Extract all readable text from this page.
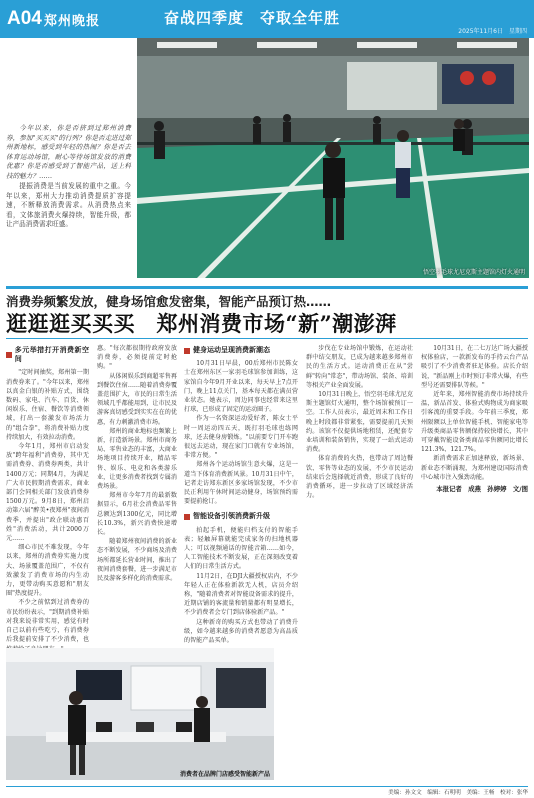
A04 郑州晚报	奋战四季度　夺取全年胜
2025年11月6日　星期四
悟空羽毛球尤尼克斯主题馆内灯火通明

今年以来，你是否挤到过郑州消费券，参加"买买买"的行列？你是否走进过郑州新地标，感受到年轻的热闹？你是否去体育运动场馆，耐心等待场馆发放的消费优惠？你是否感受到了智能产品，送上科技的魅力？……

提振消费是当前发展的重中之重。今年以来，郑州大力推动消费提质扩容提速，不断释放消费需求。从消费热点来看，文体旅消费火爆持续，智能升级，都让产品消费需求旺盛。

消费券频繁发放，健身场馆愈发密集，智能产品预订热……
逛逛逛买买买　郑州消费市场“新”潮澎湃
多元举措打开消费新空间

"定时间抽奖，郑州第一期消费券来了。"今年以来，郑州以真金白银的补贴方式，围绕数码、家电、汽车、百货、休闲娱乐、住宿、餐饮等消费领域，打出一套激发市场活力的"组合拳"，将消费补贴力度持续加大，有效拉动消费。

今年1月，郑州市启动发放"跨年福利"消费券，其中无需消费券、消费券两类，共计1400万元；同期4月，为满足广大市民假期消费需求，商业部门会同相关部门发放消费券1500万元。9月8日，郑州启动第六届"醉美•夜郑州"夜间消费季，并提出"政企联动惠百姓"消费活动，共计2000万元……

细心市民不难发现，今年以来，郑州的消费券实施力度大、场景覆盖范围广，不仅有效激发了消费市场的内生动力，更带动购买意愿和"朋友圈"热度提升。

不少之前惦到过消费券的市民纷纷表示，"到期消费补贴对我来说非常实用，感觉有时自己以前有些吃亏，有消费券后我提前安排了不少消费，也

惠。"每次都很期待政府发放消费券，必须提前定时抢购。"

从体闲娱乐到商超零售再到餐饮住宿……随着消费券覆盖范围扩大，市民的日常生活领域几乎都能用到，让市民及游客真切感受到实实在在的优惠，有力刺激消费市场。

郑州的商业地标也频繁上新，打造新场景。郑州市商务局、零售业态的丰富，大商业场地项目持续开业，精品零售、娱乐、电竞和各类游乐业，让更多消费者找到专属消费场景。

郑州市今年7月的最新数据显示，6月社会消费品零售总额达到1300亿元，同比增长10.3%，新兴消费快速增长。

随着郑州夜间消费的新业态不断发展，不少商场及消费场所都延长营业时间，推出了夜间消费套餐，进一步满足市民及游客多样化的消费需求。

健身运动呈现消费新潮态

10月31日早晨，00后郑州市民陈女士在郑州东区一家羽毛球馆参加训练，这家馆自今年9月开业以来，每天早上7点开门，晚上11点关门，基本每天都在满员营业状态。她表示，周边同事也经常来这里打球，已形成了固定的运动圈子。

作为一名资深运动爱好者，陈女士平时一周运动四五天，既打羽毛球也练网球，还去健身房锻炼。"以前要专门开车跑很远去运动，现在家门口就有专业场馆，非常方便。"

郑州各个运动场馆生意火爆，这是一道当下体育消费新风景。10月31日中午，记者走访郑东新区多家场馆发现，不少市民正利用午休时间运动健身，场馆预约需要提前抢订。

智能设备引领消费新升级

拍起手机，便能归档支付的智能手表；轻触屏幕就能完成家务的扫地机器人；可以视频通话的智能音箱……如今，人工智能技术不断发展，正在深刻改变着人们的日常生活方式。

11月2日，在DJI大疆授权店内，不少年轻人正在体验新款无人机，店员介绍称，"随着消费者对智能设备需求的提升，近期店铺的客流量和销量都有明显增长，不少消费者会专门到店体验新产品。"

这种新奇的购买方式也带动了消费升级，如今越来越多的消费者愿意为高品质的智能产品买单。

步伐在专业场馆中锻炼，在运动社群中结交朋友，已成为越来越多郑州市民的生活方式。运动消费正在从"尝鲜"转向"常态"，带动场馆、装备、培训等相关产业全面发展。

10月31日晚上，悟空羽毛球尤尼克斯主题馆灯火通明，整个场馆被预订一空。工作人员表示，最近周末和工作日晚上时段都非常紧张，需要提前几天预约。该馆不仅提供场地租赁，还配套专业培训和装备销售，实现了一站式运动消费。

体育消费的火热，也带动了周边餐饮、零售等业态的发展，不少市民运动结束后会选择就近消费，形成了良好的消费循环，进一步拉动了区域经济活力。

10月31日，在二七万达广场大疆授权体验店，一款新发布的手持云台产品吸引了不少消费者驻足体验。店长介绍说，"新品刚上市时预订非常火爆，有些型号还需要排队等候。"

近年来，郑州智能消费市场持续升温，新品首发、体验式购物成为商家吸引客流的重要手段。今年前三季度，郑州限额以上单位智能手机、智能家电等升级类商品零售额保持较快增长，其中可穿戴智能设备类商品零售额同比增长121.3%、121.7%。

新消费需求正加速释放，新场景、新业态不断涌现，为郑州建设国际消费中心城市注入强劲动能。

本报记者　成燕　孙婷婷　文/图
消费者在品牌门店感受智能新产品
美编：孙文文　编辑：石明明　美编：王畅　校对：张华
